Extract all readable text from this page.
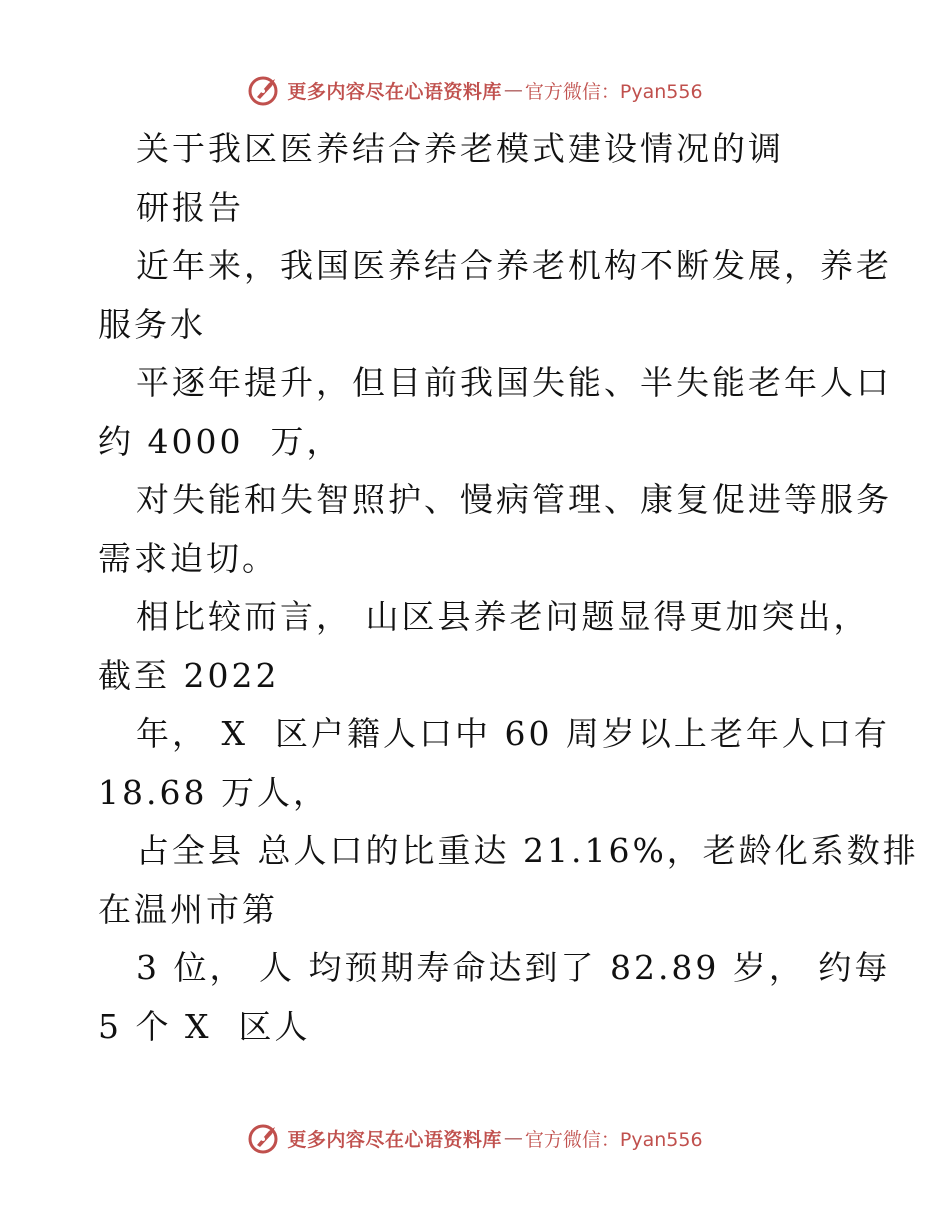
更多内容尽在心语资料库 — 官方微信：Pyan556
关于我区医养结合养老模式建设情况的调
研报告
近年来，我国医养结合养老机构不断发展，养老
服务水
平逐年提升，但目前我国失能、半失能老年人口
约 4000  万，
对失能和失智照护、慢病管理、康复促进等服务
需求迫切。
相比较而言， 山区县养老问题显得更加突出，
截至 2022
年， X  区户籍人口中 60 周岁以上老年人口有
18.68 万人，
占全县 总人口的比重达 21.16%，老龄化系数排
在温州市第
3 位， 人 均预期寿命达到了 82.89 岁， 约每
5 个 X  区人
更多内容尽在心语资料库 — 官方微信：Pyan556
